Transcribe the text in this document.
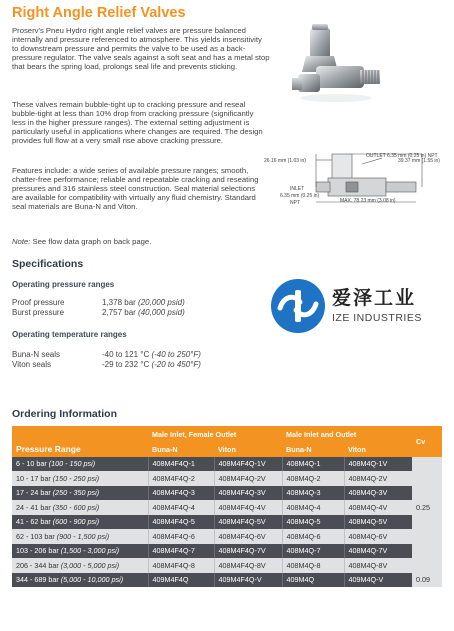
Right Angle Relief Valves
Proserv's Pneu Hydro right angle relief valves are pressure balanced internally and pressure referenced to atmosphere. This yields insensitivity to downstream pressure and permits the valve to be used as a back-pressure regulator. The valve seals against a soft seat and has a metal stop that bears the spring load, prolongs seal life and prevents sticking.
These valves remain bubble-tight up to cracking pressure and reseal bubble-tight at less than 10% drop from cracking pressure (significantly less in the higher pressure ranges). The external setting adjustment is particularly useful in applications where changes are required. The design provides full flow at a very small rise above cracking pressure.
Features include: a wide series of available pressure ranges; smooth, chatter-free performance; reliable and repeatable cracking and reseating pressures and 316 stainless steel construction. Seal material selections are available for compatibility with virtually any fluid chemistry. Standard seal materials are Buna-N and Viton.
Note: See flow data graph on back page.
OUTLET 6.35 mm (0.25 in) NPT
26.16 mm (1.03 in)	39.37 mm (1.55 in)
INLET
6.35 mm (0.25 in)
NPT	MAX. 78.23 mm (3.08 in)
Specifications
Operating pressure ranges
Proof pressure	1,378 bar (20,000 psid)
Burst pressure	2,757 bar (40,000 psid)
Operating temperature ranges
Buna-N seals	-40 to 121 °C (-40 to 250°F)
Viton seals	-29 to 232 °C (-20 to 450°F)
爱泽工业
IZE INDUSTRIES
Ordering Information
	Male Inlet, Female Outlet		Male Inlet and Outlet		Cv
Pressure Range	Buna-N	Viton	Buna-N	Viton	
6 - 10 bar (100 - 150 psi)	408M4F4Q-1	408M4F4Q-1V	408M4Q-1	408M4Q-1V	
10 - 17 bar (150 - 250 psi)	408M4F4Q-2	408M4F4Q-2V	408M4Q-2	408M4Q-2V	
17 - 24 bar (250 - 350 psi)	408M4F4Q-3	408M4F4Q-3V	408M4Q-3	408M4Q-3V	
24 - 41 bar (350 - 600 psi)	408M4F4Q-4	408M4F4Q-4V	408M4Q-4	408M4Q-4V	0.25
41 - 62 bar (600 - 900 psi)	408M4F4Q-5	408M4F4Q-5V	408M4Q-5	408M4Q-5V	
62 - 103 bar (900 - 1,500 psi)	408M4F4Q-6	408M4F4Q-6V	408M4Q-6	408M4Q-6V	
103 - 206 bar (1,500 - 3,000 psi)	408M4F4Q-7	408M4F4Q-7V	408M4Q-7	408M4Q-7V	
206 - 344 bar (3,000 - 5,000 psi)	408M4F4Q-8	408M4F4Q-8V	408M4Q-8	408M4Q-8V	
344 - 689 bar (5,000 - 10,000 psi)	409M4F4Q	409M4F4Q-V	409M4Q	409M4Q-V	0.09
